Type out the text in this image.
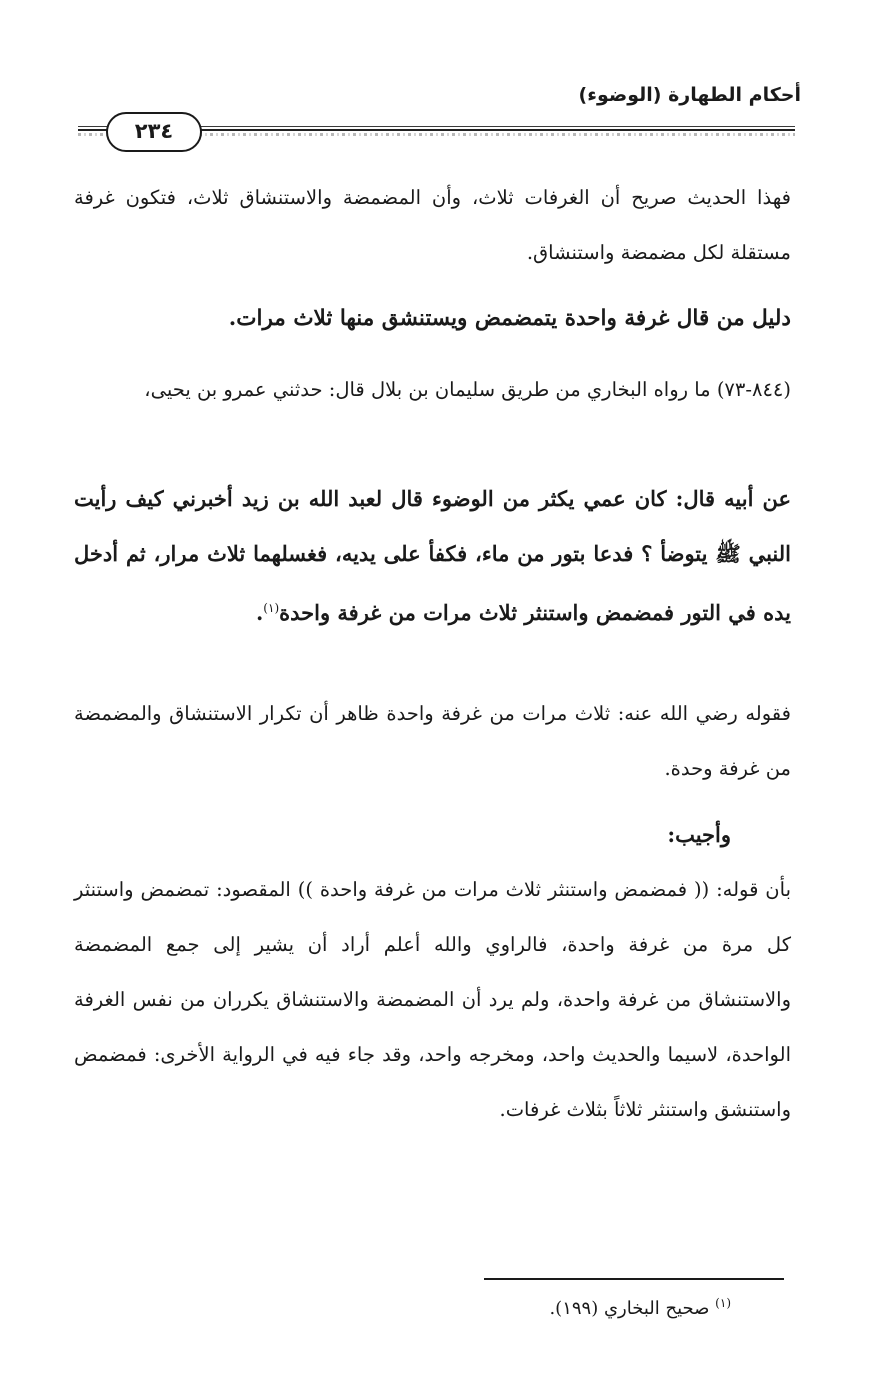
أحكام الطهارة (الوضوء)
٢٣٤

فهذا الحديث صريح أن الغرفات ثلاث، وأن المضمضة والاستنشاق ثلاث، فتكون غرفة مستقلة لكل مضمضة واستنشاق.

دليل من قال غرفة واحدة يتمضمض ويستنشق منها ثلاث مرات.

(٨٤٤-٧٣) ما رواه البخاري من طريق سليمان بن بلال قال: حدثني عمرو بن يحيى،

عن أبيه قال: كان عمي يكثر من الوضوء قال لعبد الله بن زيد أخبرني كيف رأيت النبي ﷺ يتوضأ ؟ فدعا بتور من ماء، فكفأ على يديه، فغسلهما ثلاث مرار، ثم أدخل يده في التور فمضمض واستنثر ثلاث مرات من غرفة واحدة$^{(١)}$.

فقوله رضي الله عنه: ثلاث مرات من غرفة واحدة ظاهر أن تكرار الاستنشاق والمضمضة من غرفة وحدة.

وأجيب:

بأن قوله: (( فمضمض واستنثر ثلاث مرات من غرفة واحدة )) المقصود: تمضمض واستنثر كل مرة من غرفة واحدة، فالراوي والله أعلم أراد أن يشير إلى جمع المضمضة والاستنشاق من غرفة واحدة، ولم يرد أن المضمضة والاستنشاق يكرران من نفس الغرفة الواحدة، لاسيما والحديث واحد، ومخرجه واحد، وقد جاء فيه في الرواية الأخرى: فمضمض واستنشق واستنثر ثلاثاً بثلاث غرفات.

$^{(١)}$ صحيح البخاري (١٩٩).
